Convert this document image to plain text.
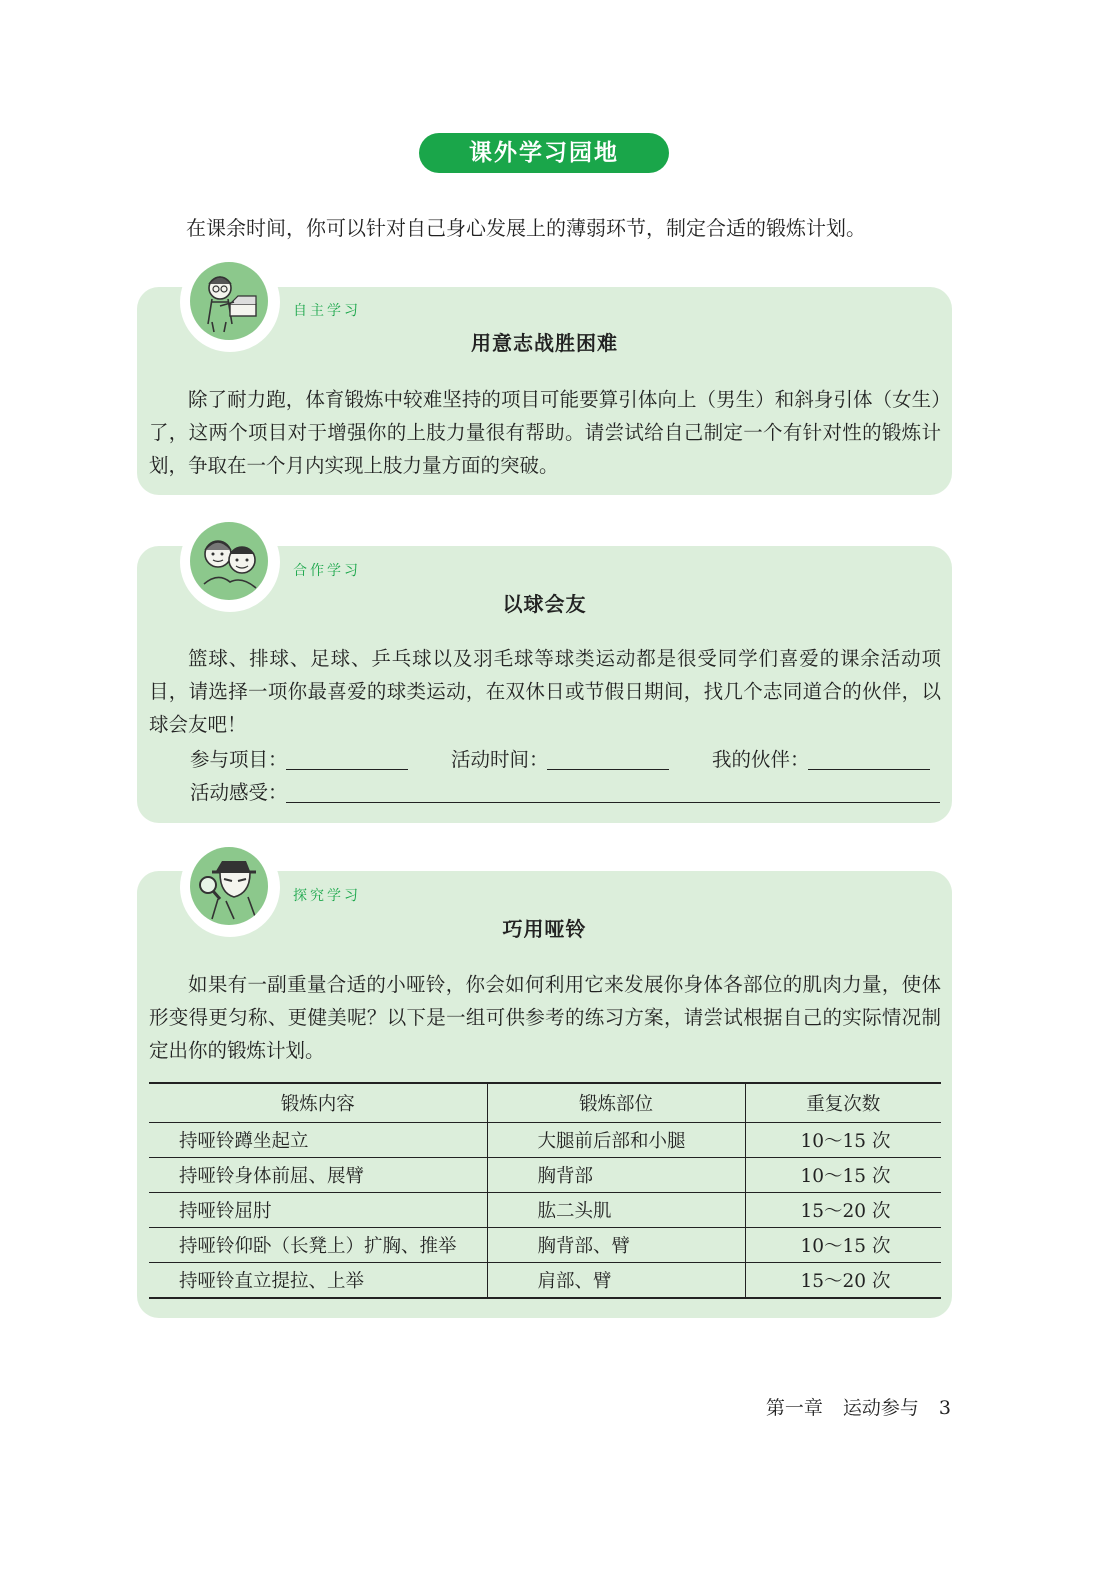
课外学习园地
在课余时间，你可以针对自己身心发展上的薄弱环节，制定合适的锻炼计划。
自主学习
用意志战胜困难

除了耐力跑，体育锻炼中较难坚持的项目可能要算引体向上（男生）和斜身引体（女生）了，这两个项目对于增强你的上肢力量很有帮助。请尝试给自己制定一个有针对性的锻炼计划，争取在一个月内实现上肢力量方面的突破。

合作学习
以球会友

篮球、排球、足球、乒乓球以及羽毛球等球类运动都是很受同学们喜爱的课余活动项目，请选择一项你最喜爱的球类运动，在双休日或节假日期间，找几个志同道合的伙伴，以球会友吧！

参与项目：	活动时间：	我的伙伴：
活动感受：
探究学习
巧用哑铃

如果有一副重量合适的小哑铃，你会如何利用它来发展你身体各部位的肌肉力量，使体形变得更匀称、更健美呢？以下是一组可供参考的练习方案，请尝试根据自己的实际情况制定出你的锻炼计划。

锻炼内容	锻炼部位	重复次数
持哑铃蹲坐起立	大腿前后部和小腿	10～15 次
持哑铃身体前屈、展臂	胸背部	10～15 次
持哑铃屈肘	肱二头肌	15～20 次
持哑铃仰卧（长凳上）扩胸、推举	胸背部、臂	10～15 次
持哑铃直立提拉、上举	肩部、臂	15～20 次
第一章 运动参与 3
